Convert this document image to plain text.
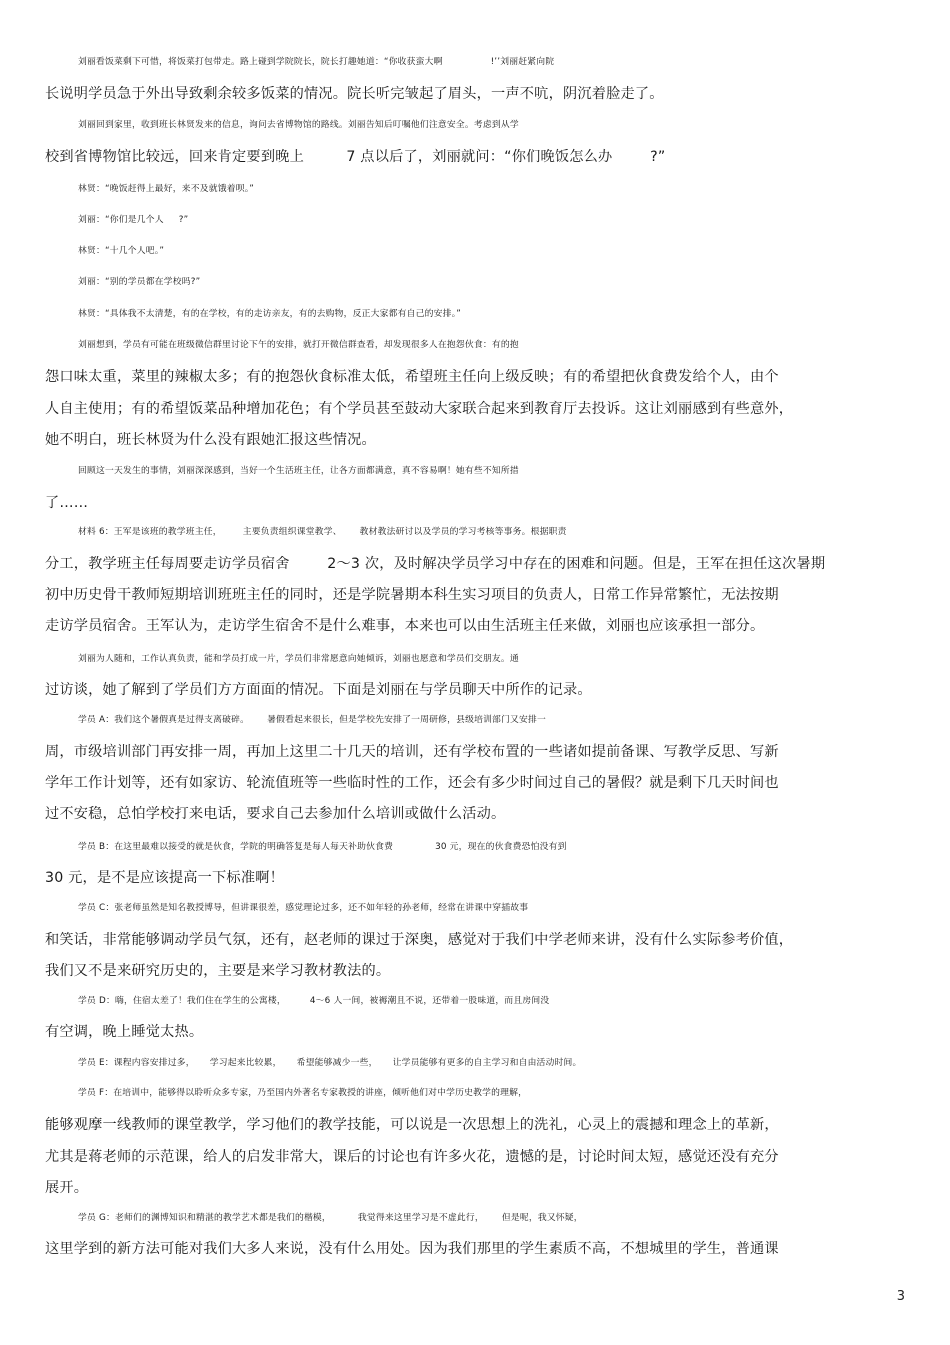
刘丽看饭菜剩下可惜，将饭菜打包带走。路上碰到学院院长，院长打趣她道：“你收获蛮大啊                !’’刘丽赶紧向院
长说明学员急于外出导致剩余较多饭菜的情况。院长听完皱起了眉头，一声不吭，阴沉着脸走了。
刘丽回到家里，收到班长林贤发来的信息，询问去省博物馆的路线。刘丽告知后叮嘱他们注意安全。考虑到从学
校到省博物馆比较远，回来肯定要到晚上         7 点以后了，刘丽就问：“你们晚饭怎么办        ?”
林贤：“晚饭赶得上最好，来不及就饿着呗。”
刘丽：“你们是几个人     ?”
林贤：“十几个人吧。”
刘丽：“别的学员都在学校吗?”
林贤：“具体我不太清楚，有的在学校，有的走访亲友，有的去购物，反正大家都有自己的安排。”
刘丽想到，学员有可能在班级微信群里讨论下午的安排，就打开微信群查看，却发现很多人在抱怨伙食：有的抱
怨口味太重，菜里的辣椒太多；有的抱怨伙食标准太低，希望班主任向上级反映；有的希望把伙食费发给个人，由个
人自主使用；有的希望饭菜品种增加花色；有个学员甚至鼓动大家联合起来到教育厅去投诉。这让刘丽感到有些意外，
她不明白，班长林贤为什么没有跟她汇报这些情况。
回顾这一天发生的事情，刘丽深深感到，当好一个生活班主任，让各方面都满意，真不容易啊！她有些不知所措
了……
材料 6：王军是该班的教学班主任，       主要负责组织课堂教学、      教材教法研讨以及学员的学习考核等事务。根据职责
分工，教学班主任每周要走访学员宿舍        2～3 次，及时解决学员学习中存在的困难和问题。但是，王军在担任这次暑期
初中历史骨干教师短期培训班班主任的同时，还是学院暑期本科生实习项目的负责人，日常工作异常繁忙，无法按期
走访学员宿舍。王军认为，走访学生宿舍不是什么难事，本来也可以由生活班主任来做，刘丽也应该承担一部分。
刘丽为人随和，工作认真负责，能和学员打成一片，学员们非常愿意向她倾诉，刘丽也愿意和学员们交朋友。通
过访谈，她了解到了学员们方方面面的情况。下面是刘丽在与学员聊天中所作的记录。
学员 A：我们这个暑假真是过得支离破碎。      暑假看起来很长，但是学校先安排了一周研修，县级培训部门又安排一
周，市级培训部门再安排一周，再加上这里二十几天的培训，还有学校布置的一些诸如提前备课、写教学反思、写新
学年工作计划等，还有如家访、轮流值班等一些临时性的工作，还会有多少时间过自己的暑假？就是剩下几天时间也
过不安稳，总怕学校打来电话，要求自己去参加什么培训或做什么活动。
学员 B：在这里最难以接受的就是伙食，学院的明确答复是每人每天补助伙食费              30 元，现在的伙食费恐怕没有到
30 元，是不是应该提高一下标准啊！
学员 C：张老师虽然是知名教授博导，但讲课很差，感觉理论过多，还不如年轻的孙老师，经常在讲课中穿插故事
和笑话，非常能够调动学员气氛，还有，赵老师的课过于深奥，感觉对于我们中学老师来讲，没有什么实际参考价值，
我们又不是来研究历史的，主要是来学习教材教法的。
学员 D：嗨，住宿太差了！我们住在学生的公寓楼，        4～6 人一间，被褥潮且不说，还带着一股味道，而且房间没
有空调，晚上睡觉太热。
学员 E：课程内容安排过多，     学习起来比较累，     希望能够减少一些，     让学员能够有更多的自主学习和自由活动时间。
学员 F：在培训中，能够得以聆听众多专家，乃至国内外著名专家教授的讲座，倾听他们对中学历史教学的理解，
能够观摩一线教师的课堂教学，学习他们的教学技能，可以说是一次思想上的洗礼，心灵上的震撼和理念上的革新，
尤其是蒋老师的示范课，给人的启发非常大，课后的讨论也有许多火花，遗憾的是，讨论时间太短，感觉还没有充分
展开。
学员 G：老师们的渊博知识和精湛的教学艺术都是我们的楷模，         我觉得来这里学习是不虚此行，      但是呢，我又怀疑，
这里学到的新方法可能对我们大多人来说，没有什么用处。因为我们那里的学生素质不高，不想城里的学生，普通课
3
